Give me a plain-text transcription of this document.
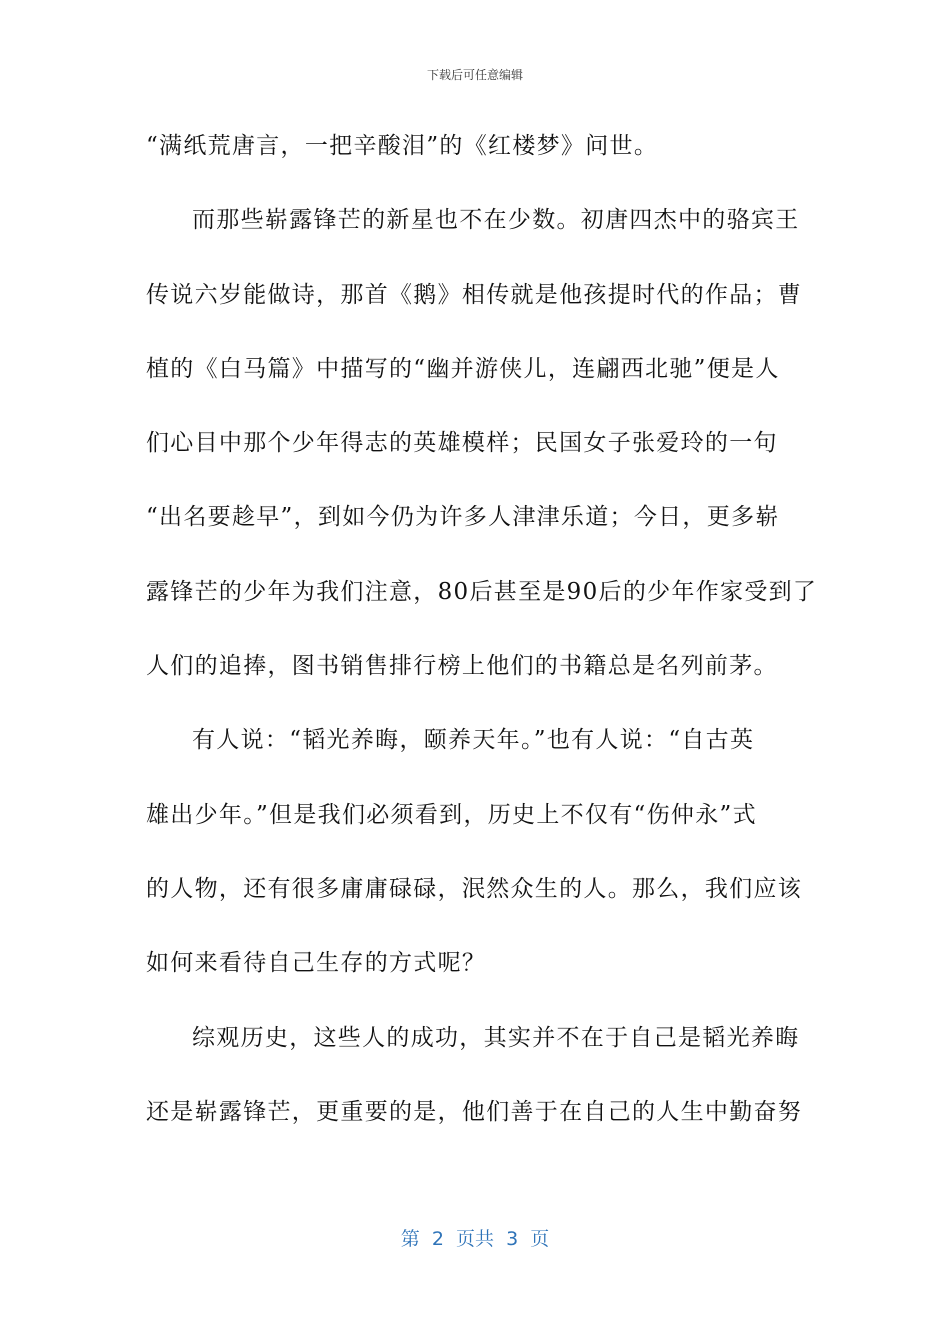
下载后可任意编辑
“满纸荒唐言，一把辛酸泪”的《红楼梦》问世。
而那些崭露锋芒的新星也不在少数。初唐四杰中的骆宾王
传说六岁能做诗，那首《鹅》相传就是他孩提时代的作品；曹
植的《白马篇》中描写的“幽并游侠儿，连翩西北驰”便是人
们心目中那个少年得志的英雄模样；民国女子张爱玲的一句
“出名要趁早”，到如今仍为许多人津津乐道；今日，更多崭
露锋芒的少年为我们注意，80后甚至是90后的少年作家受到了
人们的追捧，图书销售排行榜上他们的书籍总是名列前茅。
有人说：“韬光养晦，颐养天年。”也有人说：“自古英
雄出少年。”但是我们必须看到，历史上不仅有“伤仲永”式
的人物，还有很多庸庸碌碌，泯然众生的人。那么，我们应该
如何来看待自己生存的方式呢？
综观历史，这些人的成功，其实并不在于自己是韬光养晦
还是崭露锋芒，更重要的是，他们善于在自己的人生中勤奋努
第  2  页共  3  页
